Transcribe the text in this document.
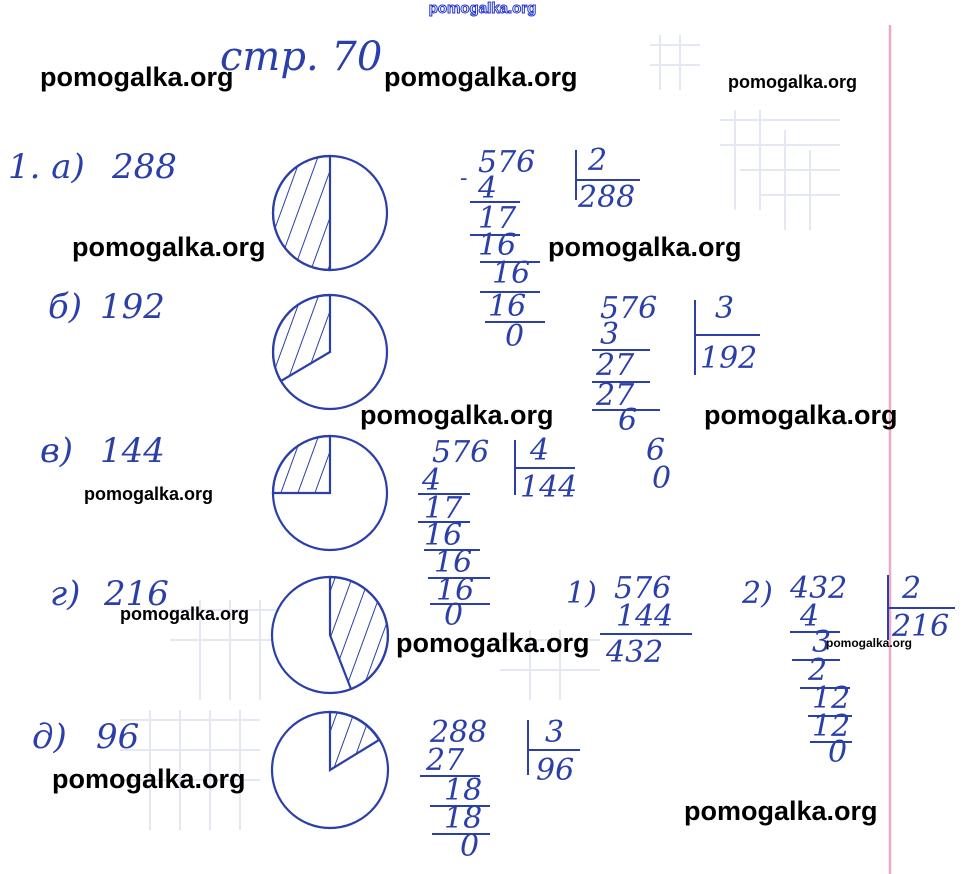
стр. 70
1. а) 288
б) 192
в) 144
г) 216
д) 96
576 2
288
- 4
17
16
16
16
0
576 3
192
3
27
27
6
6
0
576 4
144
4
17
16
16
16
0
1) 576
144
432
2) 432 2
216
4
3
2
12
12
0
288 3
96
27
18
18
0
pomogalka.org
pomogalka.org	pomogalka.org	pomogalka.org
pomogalka.org	pomogalka.org
pomogalka.org	pomogalka.org
pomogalka.org
pomogalka.org
pomogalka.org	pomogalka.org
pomogalka.org
pomogalka.org
